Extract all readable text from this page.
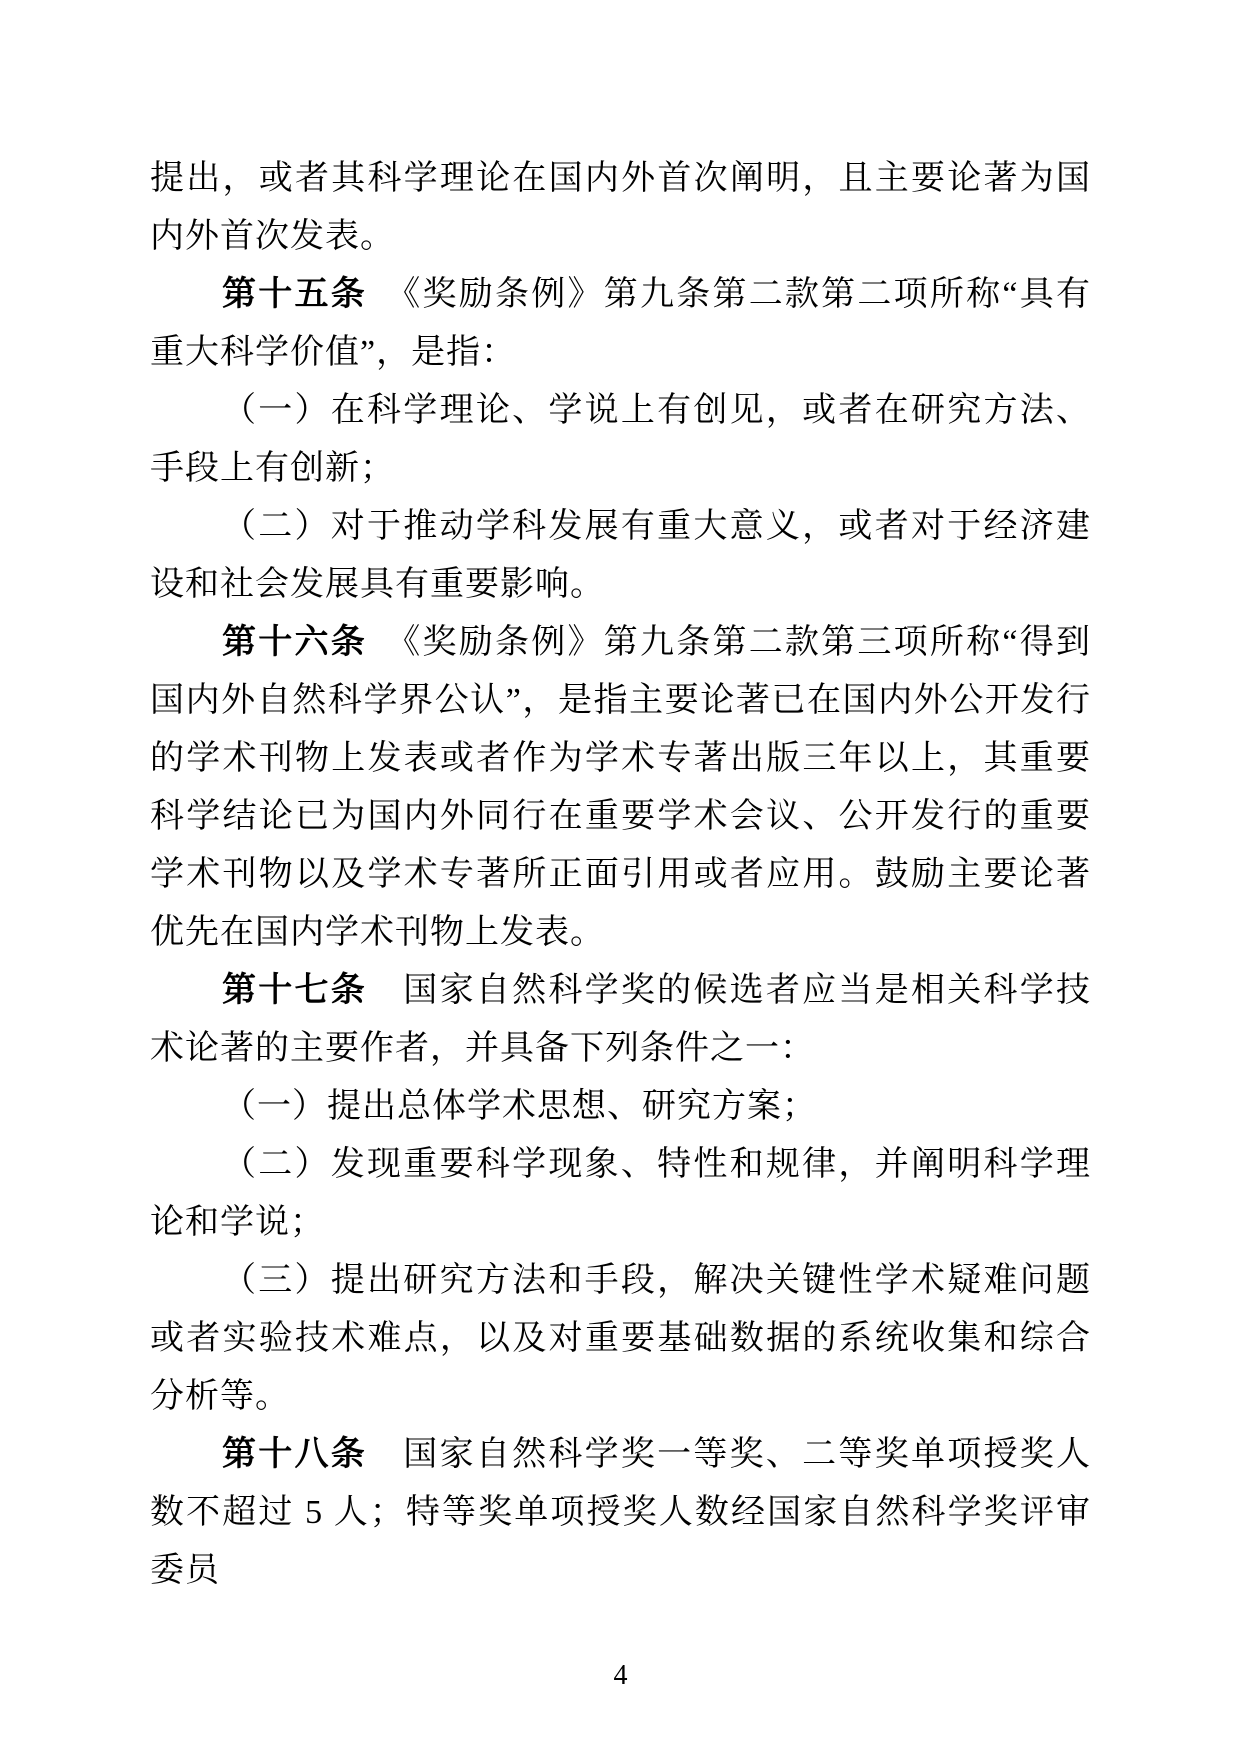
提出，或者其科学理论在国内外首次阐明，且主要论著为国内外首次发表。

第十五条　《奖励条例》第九条第二款第二项所称“具有重大科学价值”，是指：

（一）在科学理论、学说上有创见，或者在研究方法、手段上有创新；

（二）对于推动学科发展有重大意义，或者对于经济建设和社会发展具有重要影响。

第十六条　《奖励条例》第九条第二款第三项所称“得到国内外自然科学界公认”，是指主要论著已在国内外公开发行的学术刊物上发表或者作为学术专著出版三年以上，其重要科学结论已为国内外同行在重要学术会议、公开发行的重要学术刊物以及学术专著所正面引用或者应用。鼓励主要论著优先在国内学术刊物上发表。

第十七条　国家自然科学奖的候选者应当是相关科学技术论著的主要作者，并具备下列条件之一：

（一）提出总体学术思想、研究方案；

（二）发现重要科学现象、特性和规律，并阐明科学理论和学说；

（三）提出研究方法和手段，解决关键性学术疑难问题或者实验技术难点，以及对重要基础数据的系统收集和综合分析等。

第十八条　国家自然科学奖一等奖、二等奖单项授奖人数不超过 5 人；特等奖单项授奖人数经国家自然科学奖评审委员

4
